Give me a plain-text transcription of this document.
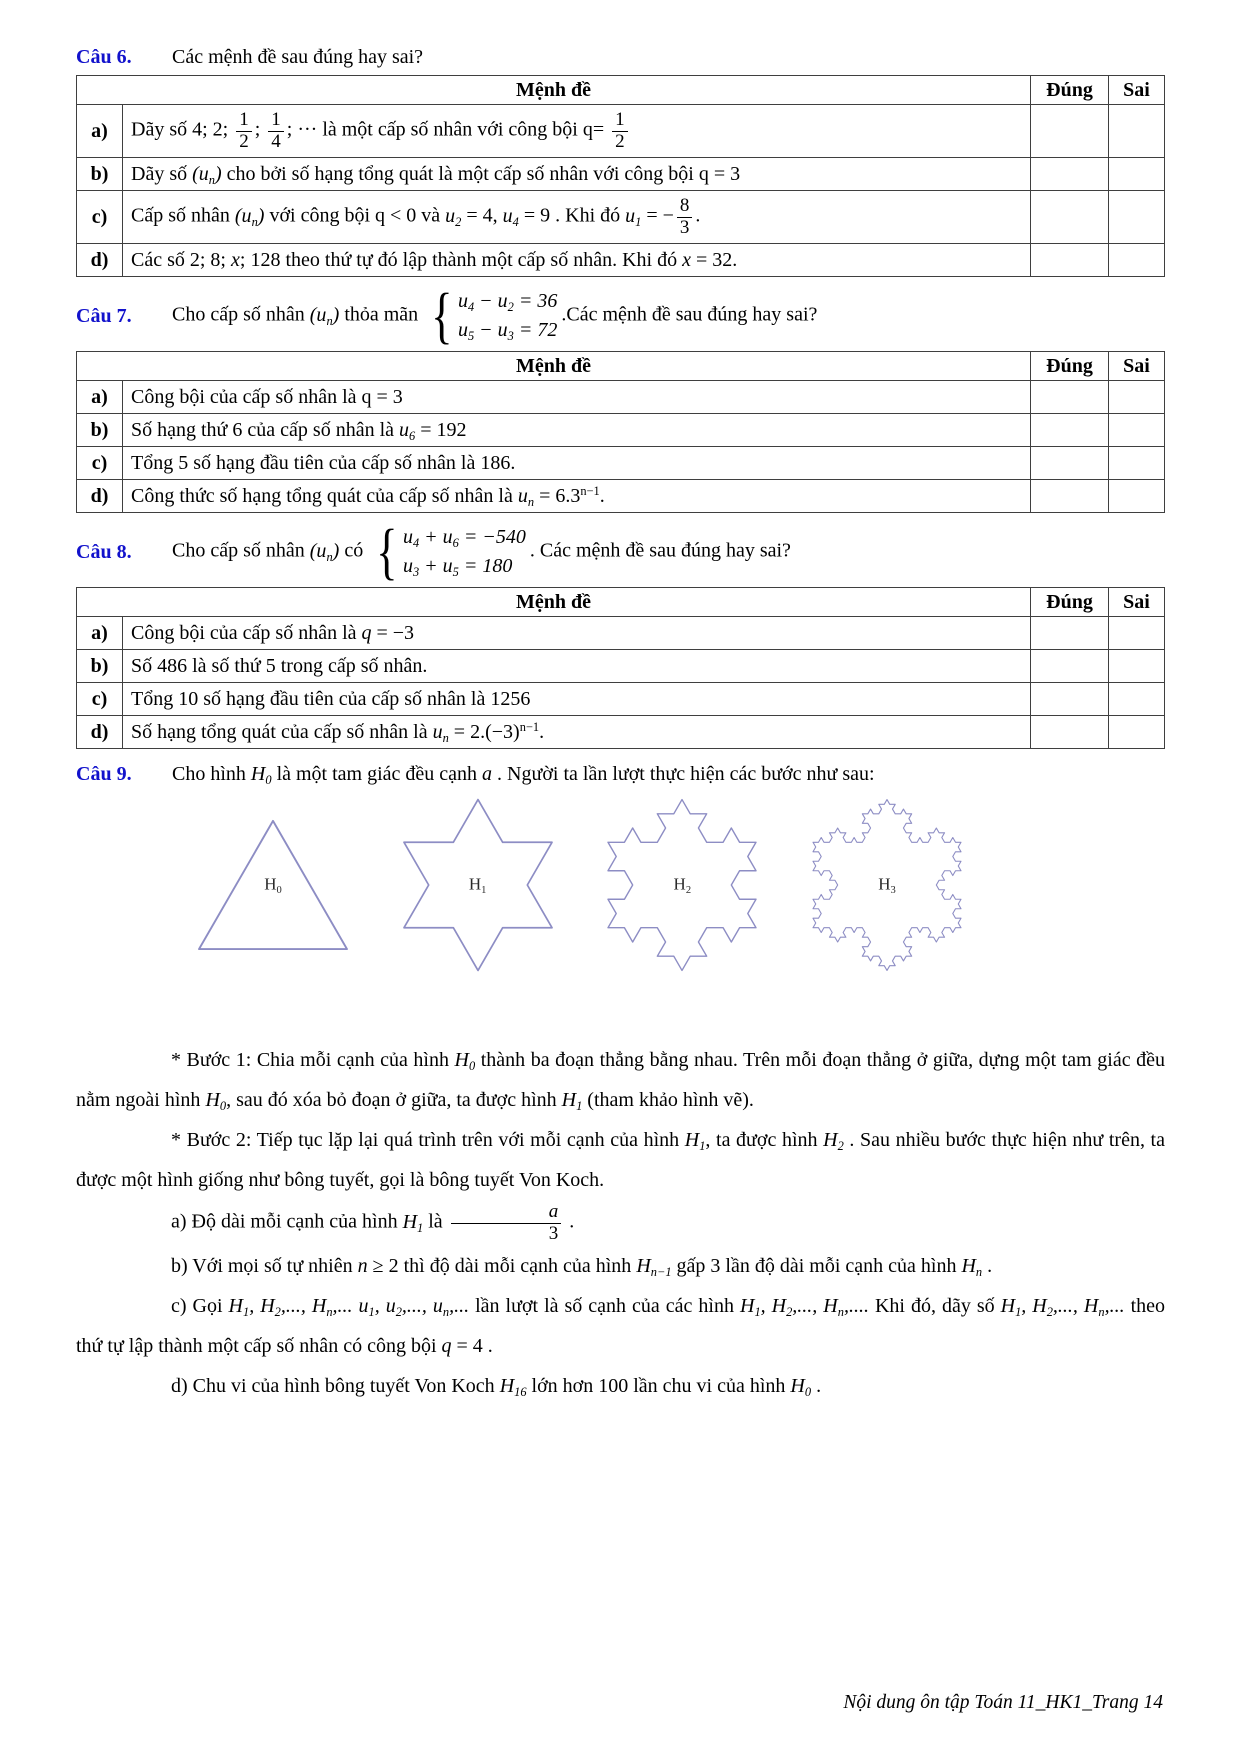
Câu 6.	Các mệnh đề sau đúng hay sai?
Mệnh đề		Đúng	Sai
a)	Dãy số 4; 2; $\frac{1}{2}$ ; $\frac{1}{4}$ ; ··· là một cấp số nhân với công bội $q= \frac{1}{2}$

b)	Dãy số $(u_n)$ cho bởi số hạng tổng quát là một cấp số nhân với công bội q = 3		
c)	Cấp số nhân $(u_n)$ với công bội q < 0 và $u_2 = 4$, $u_4 = 9$ . Khi đó $u_1$ = − $\frac{8}{3}$ .		
d)	Các số 2; 8; x; 128 theo thứ tự đó lập thành một cấp số nhân. Khi đó x = 32.		
Câu 7.	Cho cấp số nhân $(u_n)$ thỏa mãn { $u_4 - u_2 = 36$
$u_5 - u_3 = 72$
.Các mệnh đề sau đúng hay sai?
Mệnh đề		Đúng	Sai
a)	Công bội của cấp số nhân là q = 3		
b)	Số hạng thứ 6 của cấp số nhân là $u_6 = 192$		
c)	Tổng 5 số hạng đầu tiên của cấp số nhân là 186.		
d)	Công thức số hạng tổng quát của cấp số nhân là $u_n = 6.3^{n-1}$.		
Câu 8.	Cho cấp số nhân $(u_n)$ có { $u_4 + u_6 = -540$
$u_3 + u_5 = 180$
. Các mệnh đề sau đúng hay sai?
Mệnh đề		Đúng	Sai
a)	Công bội của cấp số nhân là q = −3		
b)	Số 486 là số thứ 5 trong cấp số nhân.		
c)	Tổng 10 số hạng đầu tiên của cấp số nhân là 1256		
d)	Số hạng tổng quát của cấp số nhân là $u_n = 2.(-3)^{n-1}$.		
Câu 9.	Cho hình $H_0$ là một tam giác đều cạnh a . Người ta lần lượt thực hiện các bước như sau:
$H_0$	$H_1$	$H_2$	$H_3$

* Bước 1: Chia mỗi cạnh của hình $H_0$ thành ba đoạn thẳng bằng nhau. Trên mỗi đoạn thẳng ở giữa, dựng một tam giác đều nằm ngoài hình $H_0$, sau đó xóa bỏ đoạn ở giữa, ta được hình $H_1$ (tham khảo hình vẽ).

* Bước 2: Tiếp tục lặp lại quá trình trên với mỗi cạnh của hình $H_1$, ta được hình $H_2$ . Sau nhiều bước thực hiện như trên, ta được một hình giống như bông tuyết, gọi là bông tuyết Von Koch.

a) Độ dài mỗi cạnh của hình $H_1$ là $\frac{a}{3}$ .

b) Với mọi số tự nhiên n ≥ 2 thì độ dài mỗi cạnh của hình $H_{n-1}$ gấp 3 lần độ dài mỗi cạnh của hình $H_n$ .

c) Gọi $H_1$, $H_2$,..., $H_n$,... $u_1$, $u_2$,..., $u_n$,... lần lượt là số cạnh của các hình $H_1$, $H_2$,..., $H_n$,.... Khi đó, dãy số $H_1$, $H_2$,..., $H_n$,... theo thứ tự lập thành một cấp số nhân có công bội q = 4 .

d) Chu vi của hình bông tuyết Von Koch $H_{16}$ lớn hơn 100 lần chu vi của hình $H_0$ .

Nội dung ôn tập Toán 11_HK1_Trang 14
